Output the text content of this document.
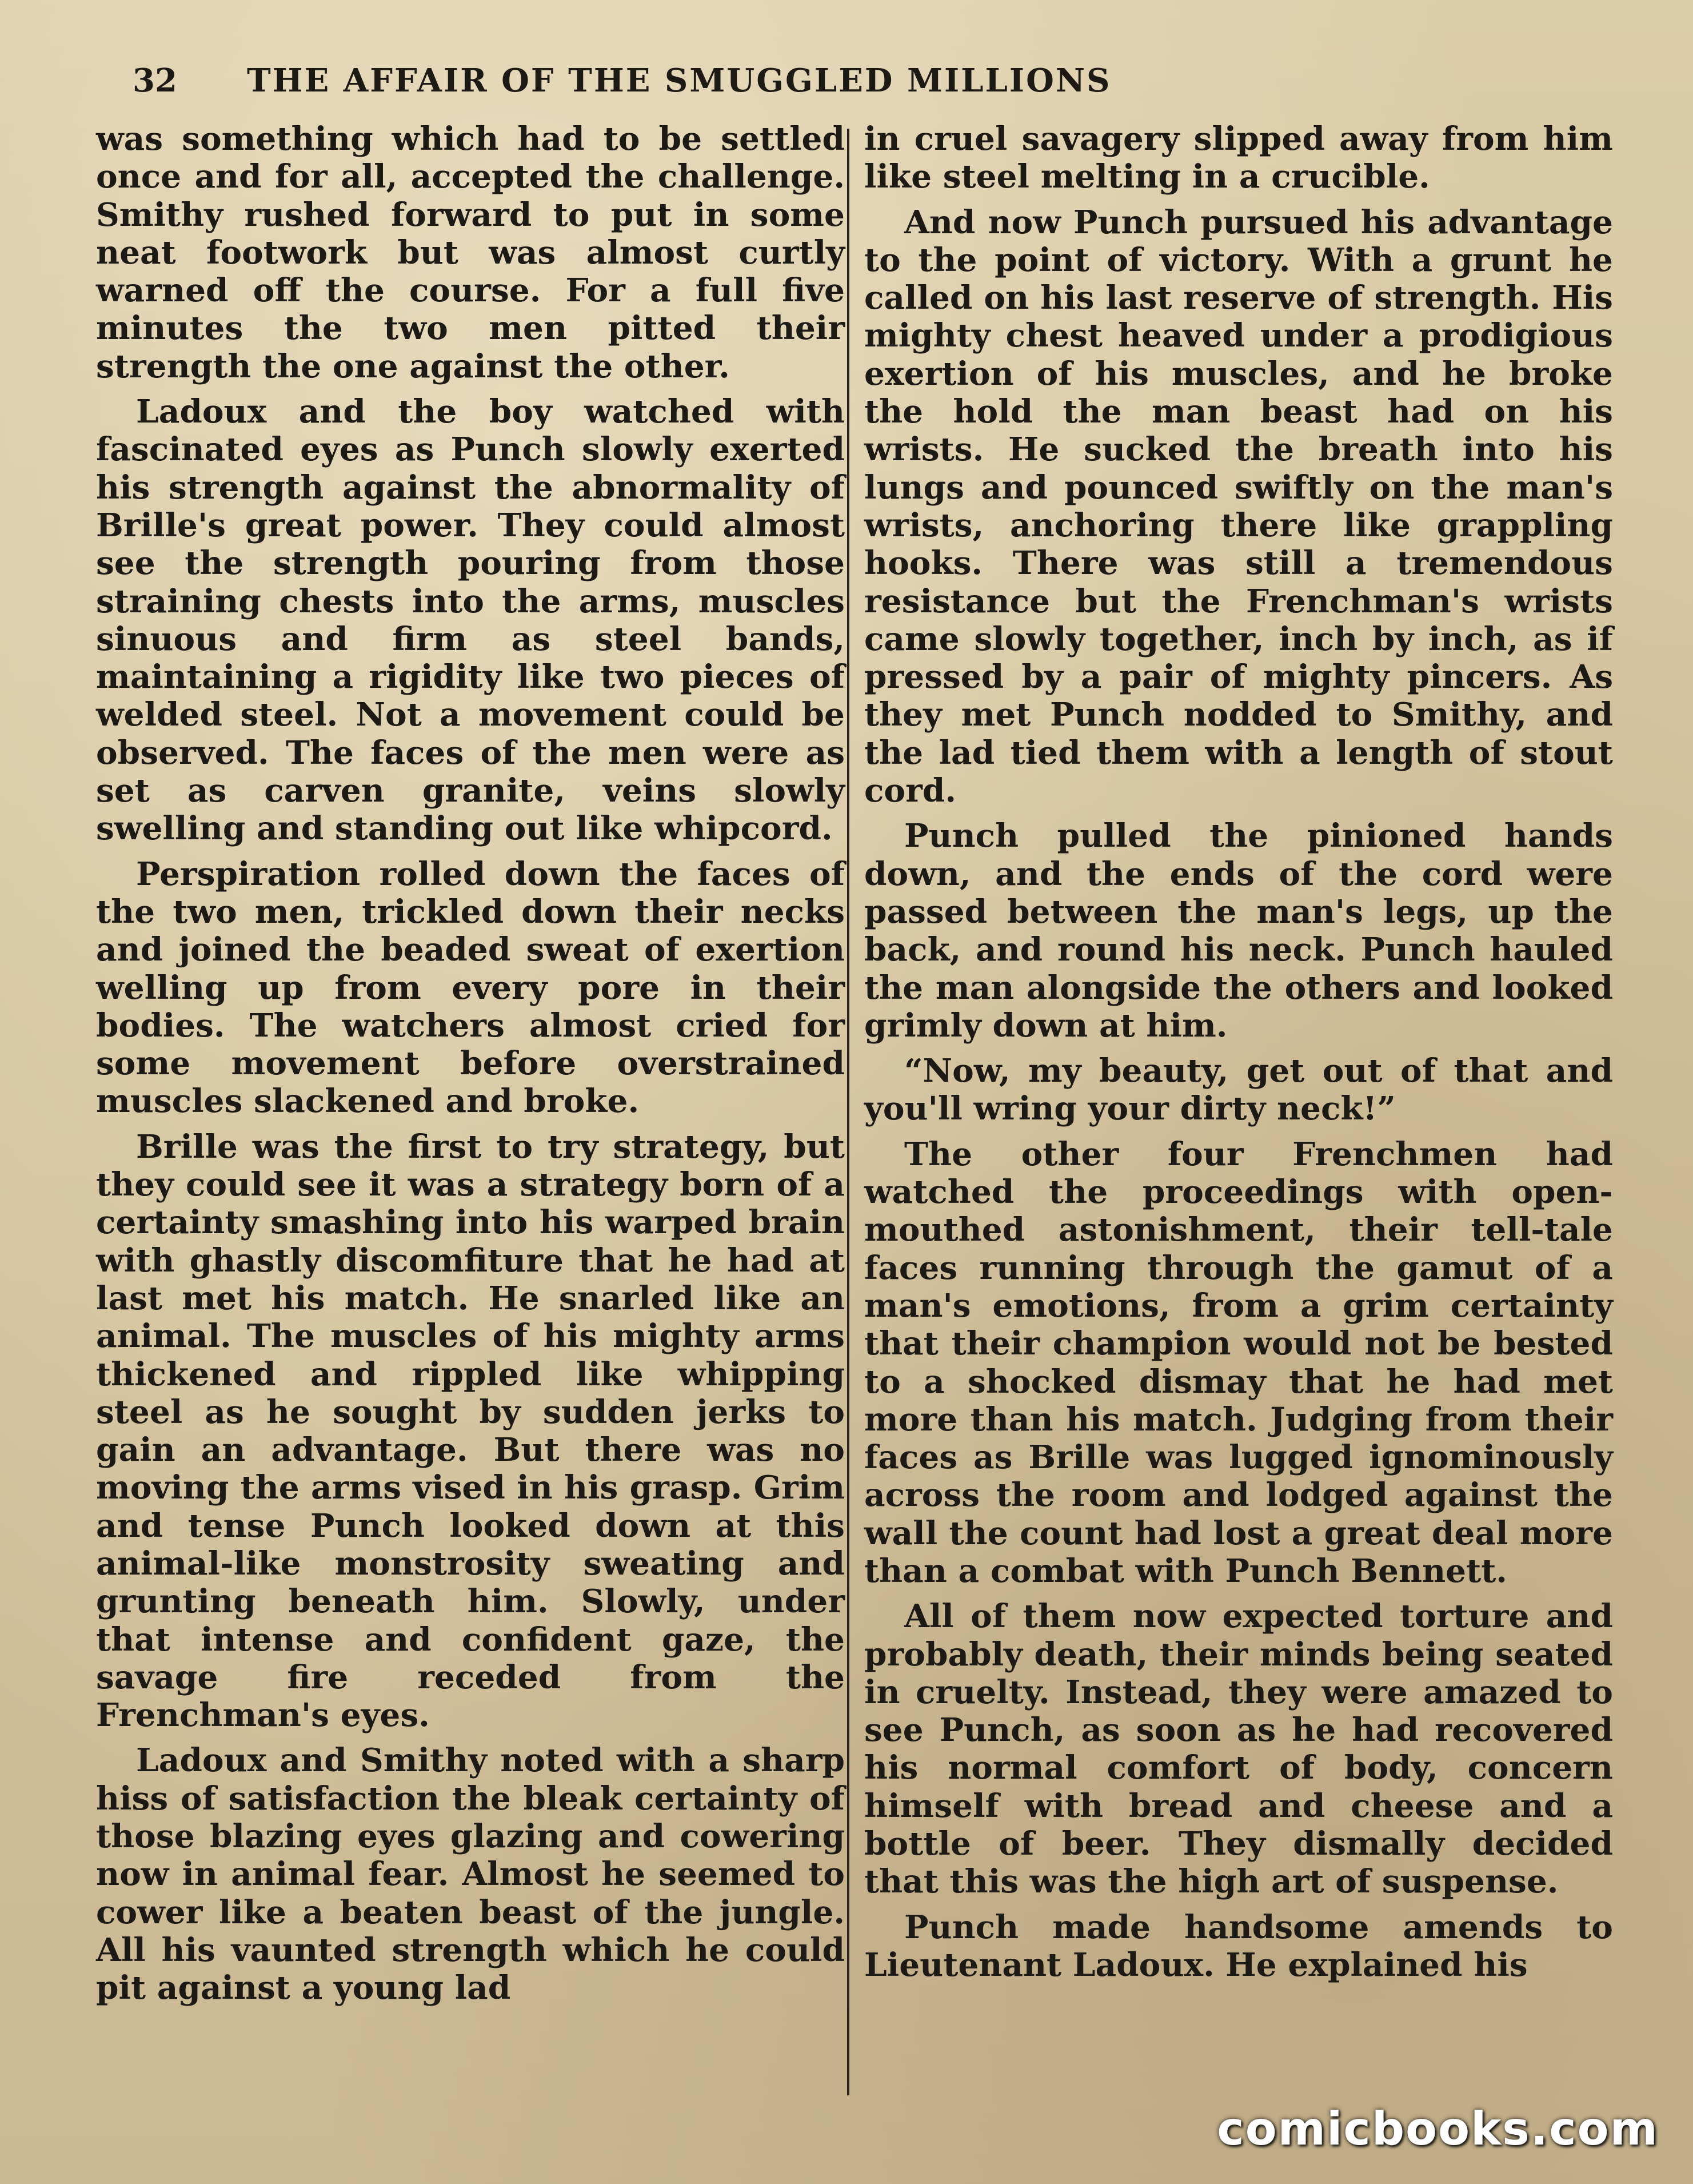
32	THE AFFAIR OF THE SMUGGLED MILLIONS

was something which had to be settled once and for all, accepted the challenge. Smithy rushed forward to put in some neat footwork but was almost curtly warned off the course. For a full five minutes the two men pitted their strength the one against the other.

Ladoux and the boy watched with fascinated eyes as Punch slowly exerted his strength against the abnormality of Brille's great power. They could almost see the strength pouring from those straining chests into the arms, muscles sinuous and firm as steel bands, maintaining a rigidity like two pieces of welded steel. Not a movement could be observed. The faces of the men were as set as carven granite, veins slowly swelling and standing out like whipcord.

Perspiration rolled down the faces of the two men, trickled down their necks and joined the beaded sweat of exertion welling up from every pore in their bodies. The watchers almost cried for some movement before overstrained muscles slackened and broke.

Brille was the first to try strategy, but they could see it was a strategy born of a certainty smashing into his warped brain with ghastly discomfiture that he had at last met his match. He snarled like an animal. The muscles of his mighty arms thickened and rippled like whipping steel as he sought by sudden jerks to gain an advantage. But there was no moving the arms vised in his grasp. Grim and tense Punch looked down at this animal-like monstrosity sweating and grunting beneath him. Slowly, under that intense and confident gaze, the savage fire receded from the Frenchman's eyes.

Ladoux and Smithy noted with a sharp hiss of satisfaction the bleak certainty of those blazing eyes glazing and cowering now in animal fear. Almost he seemed to cower like a beaten beast of the jungle. All his vaunted strength which he could pit against a young lad

in cruel savagery slipped away from him like steel melting in a crucible.

And now Punch pursued his advantage to the point of victory. With a grunt he called on his last reserve of strength. His mighty chest heaved under a prodigious exertion of his muscles, and he broke the hold the man beast had on his wrists. He sucked the breath into his lungs and pounced swiftly on the man's wrists, anchoring there like grappling hooks. There was still a tremendous resistance but the Frenchman's wrists came slowly together, inch by inch, as if pressed by a pair of mighty pincers. As they met Punch nodded to Smithy, and the lad tied them with a length of stout cord.

Punch pulled the pinioned hands down, and the ends of the cord were passed between the man's legs, up the back, and round his neck. Punch hauled the man alongside the others and looked grimly down at him.

“Now, my beauty, get out of that and you'll wring your dirty neck!”

The other four Frenchmen had watched the proceedings with open-mouthed astonishment, their tell-tale faces running through the gamut of a man's emotions, from a grim certainty that their champion would not be bested to a shocked dismay that he had met more than his match. Judging from their faces as Brille was lugged ignominously across the room and lodged against the wall the count had lost a great deal more than a combat with Punch Bennett.

All of them now expected torture and probably death, their minds being seated in cruelty. Instead, they were amazed to see Punch, as soon as he had recovered his normal comfort of body, concern himself with bread and cheese and a bottle of beer. They dismally decided that this was the high art of suspense.

Punch made handsome amends to Lieutenant Ladoux. He explained his

comicbooks.com
